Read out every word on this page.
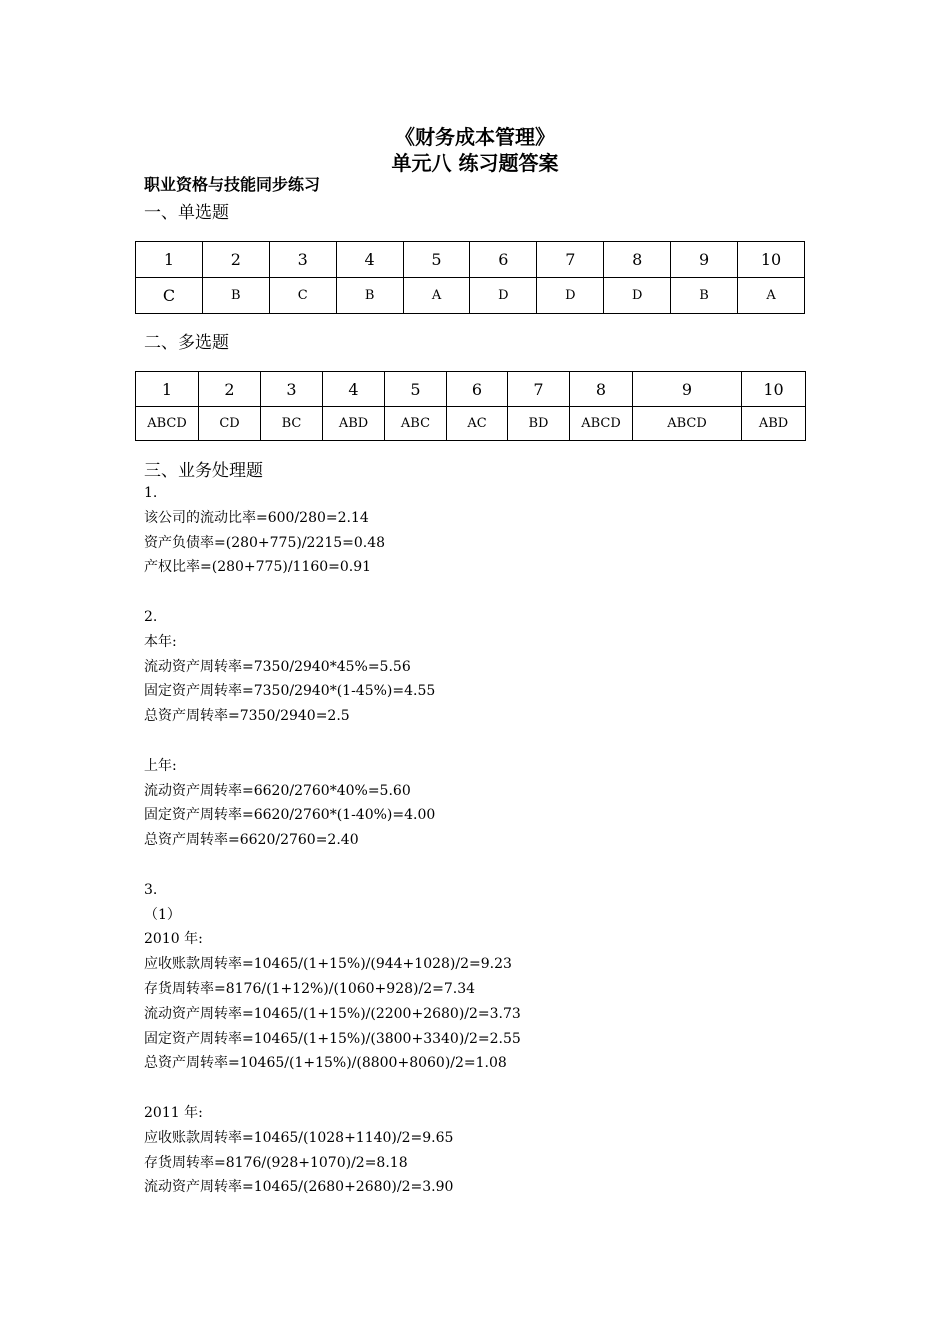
《财务成本管理》
单元八 练习题答案
职业资格与技能同步练习
一、单选题
1	2	3	4	5	6	7	8	9	10
C	B	C	B	A	D	D	D	B	A
二、多选题
1	2	3	4	5	6	7	8	9	10
ABCD	CD	BC	ABD	ABC	AC	BD	ABCD	ABCD	ABD
三、业务处理题
1.
该公司的流动比率=600/280=2.14
资产负债率=(280+775)/2215=0.48
产权比率=(280+775)/1160=0.91
2.
本年:
流动资产周转率=7350/2940*45%=5.56
固定资产周转率=7350/2940*(1-45%)=4.55
总资产周转率=7350/2940=2.5
上年:
流动资产周转率=6620/2760*40%=5.60
固定资产周转率=6620/2760*(1-40%)=4.00
总资产周转率=6620/2760=2.40
3.
（1）
2010 年:
应收账款周转率=10465/(1+15%)/(944+1028)/2=9.23
存货周转率=8176/(1+12%)/(1060+928)/2=7.34
流动资产周转率=10465/(1+15%)/(2200+2680)/2=3.73
固定资产周转率=10465/(1+15%)/(3800+3340)/2=2.55
总资产周转率=10465/(1+15%)/(8800+8060)/2=1.08
2011 年:
应收账款周转率=10465/(1028+1140)/2=9.65
存货周转率=8176/(928+1070)/2=8.18
流动资产周转率=10465/(2680+2680)/2=3.90
